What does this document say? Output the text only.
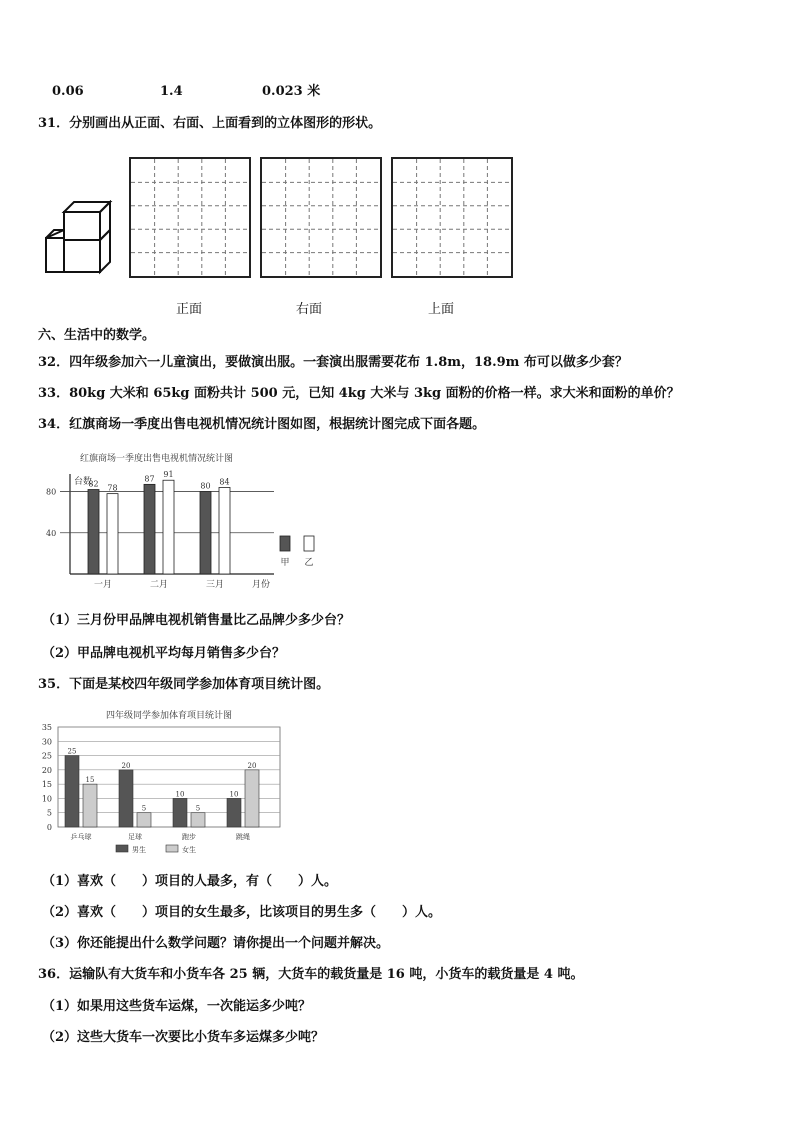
0.06	1.4	0.023 米
31．分别画出从正面、右面、上面看到的立体图形的形状。
正面	右面	上面
六、生活中的数学。
32．四年级参加六一儿童演出，要做演出服。一套演出服需要花布 1.8m，18.9m 布可以做多少套？
33．80kg 大米和 65kg 面粉共计 500 元，已知 4kg 大米与 3kg 面粉的价格一样。求大米和面粉的单价？
34．红旗商场一季度出售电视机情况统计图如图，根据统计图完成下面各题。
红旗商场一季度出售电视机情况统计图
台数
40
80
82 78
一月
87 91
二月
80 84
三月	月份
甲 乙
（1）三月份甲品牌电视机销售量比乙品牌少多少台？
（2）甲品牌电视机平均每月销售多少台？
35．下面是某校四年级同学参加体育项目统计图。
四年级同学参加体育项目统计图
0
5
10
15
20
25
30
35
25
15
乒乓球
20
5
足球
10
5
跑步
10
20
跳绳
男生	女生
（1）喜欢（　　）项目的人最多，有（　　）人。
（2）喜欢（　　）项目的女生最多，比该项目的男生多（　　）人。
（3）你还能提出什么数学问题？请你提出一个问题并解决。
36．运输队有大货车和小货车各 25 辆，大货车的载货量是 16 吨，小货车的载货量是 4 吨。
（1）如果用这些货车运煤，一次能运多少吨？
（2）这些大货车一次要比小货车多运煤多少吨？
